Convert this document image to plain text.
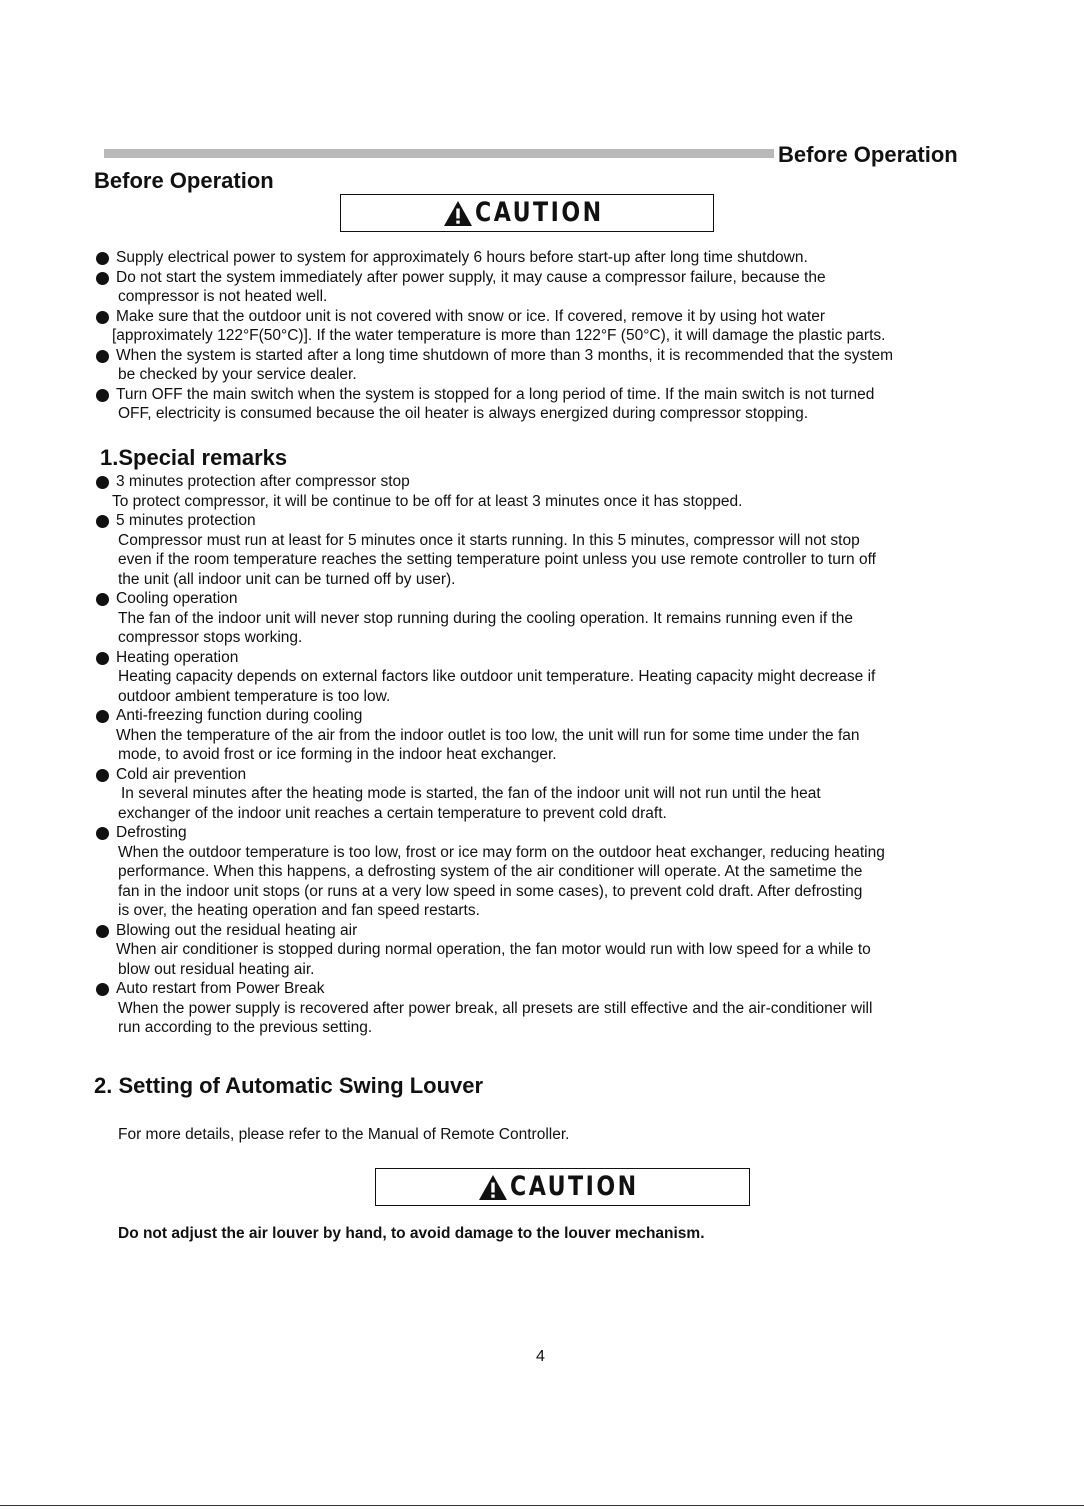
Before Operation
Before Operation
CAUTION
Supply electrical power to system for approximately 6 hours before start-up after long time shutdown.
Do not start the system immediately after power supply, it may cause a compressor failure, because the
compressor is not heated well.
Make sure that the outdoor unit is not covered with snow or ice. If covered, remove it by using hot water
[approximately 122°F(50°C)]. If the water temperature is more than 122°F (50°C), it will damage the plastic parts.
When the system is started after a long time shutdown of more than 3 months, it is recommended that the system
be checked by your service dealer.
Turn OFF the main switch when the system is stopped for a long period of time. If the main switch is not turned
OFF, electricity is consumed because the oil heater is always energized during compressor stopping.
1.Special remarks
3 minutes protection after compressor stop
To protect compressor, it will be continue to be off for at least 3 minutes once it has stopped.
5 minutes protection
Compressor must run at least for 5 minutes once it starts running. In this 5 minutes, compressor will not stop
even if the room temperature reaches the setting temperature point unless you use remote controller to turn off
the unit (all indoor unit can be turned off by user).
Cooling operation
The fan of the indoor unit will never stop running during the cooling operation. It remains running even if the
compressor stops working.
Heating operation
Heating capacity depends on external factors like outdoor unit temperature. Heating capacity might decrease if
outdoor ambient temperature is too low.
Anti-freezing function during cooling
When the temperature of the air from the indoor outlet is too low, the unit will run for some time under the fan
mode, to avoid frost or ice forming in the indoor heat exchanger.
Cold air prevention
In several minutes after the heating mode is started, the fan of the indoor unit will not run until the heat
exchanger of the indoor unit reaches a certain temperature to prevent cold draft.
Defrosting
When the outdoor temperature is too low, frost or ice may form on the outdoor heat exchanger, reducing heating
performance. When this happens, a defrosting system of the air conditioner will operate. At the sametime the
fan in the indoor unit stops (or runs at a very low speed in some cases), to prevent cold draft. After defrosting
is over, the heating operation and fan speed restarts.
Blowing out the residual heating air
When air conditioner is stopped during normal operation, the fan motor would run with low speed for a while to
blow out residual heating air.
Auto restart from Power Break
When the power supply is recovered after power break, all presets are still effective and the air-conditioner will
run according to the previous setting.
2. Setting of Automatic Swing Louver
For more details, please refer to the Manual of Remote Controller.
CAUTION
Do not adjust the air louver by hand, to avoid damage to the louver mechanism.
4
